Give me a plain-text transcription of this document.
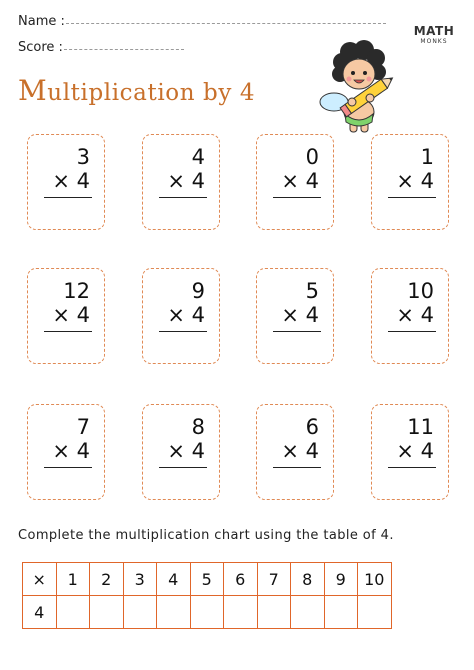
Name :
Score :
MATH
MONKS
Multiplication by 4
3
× 4
4
× 4
0
× 4
1
× 4
12
× 4
9
× 4
5
× 4
10
× 4
7
× 4
8
× 4
6
× 4
11
× 4

Complete the multiplication chart using the table of 4.

×	1	2	3	4	5	6	7	8	9	10
4										
